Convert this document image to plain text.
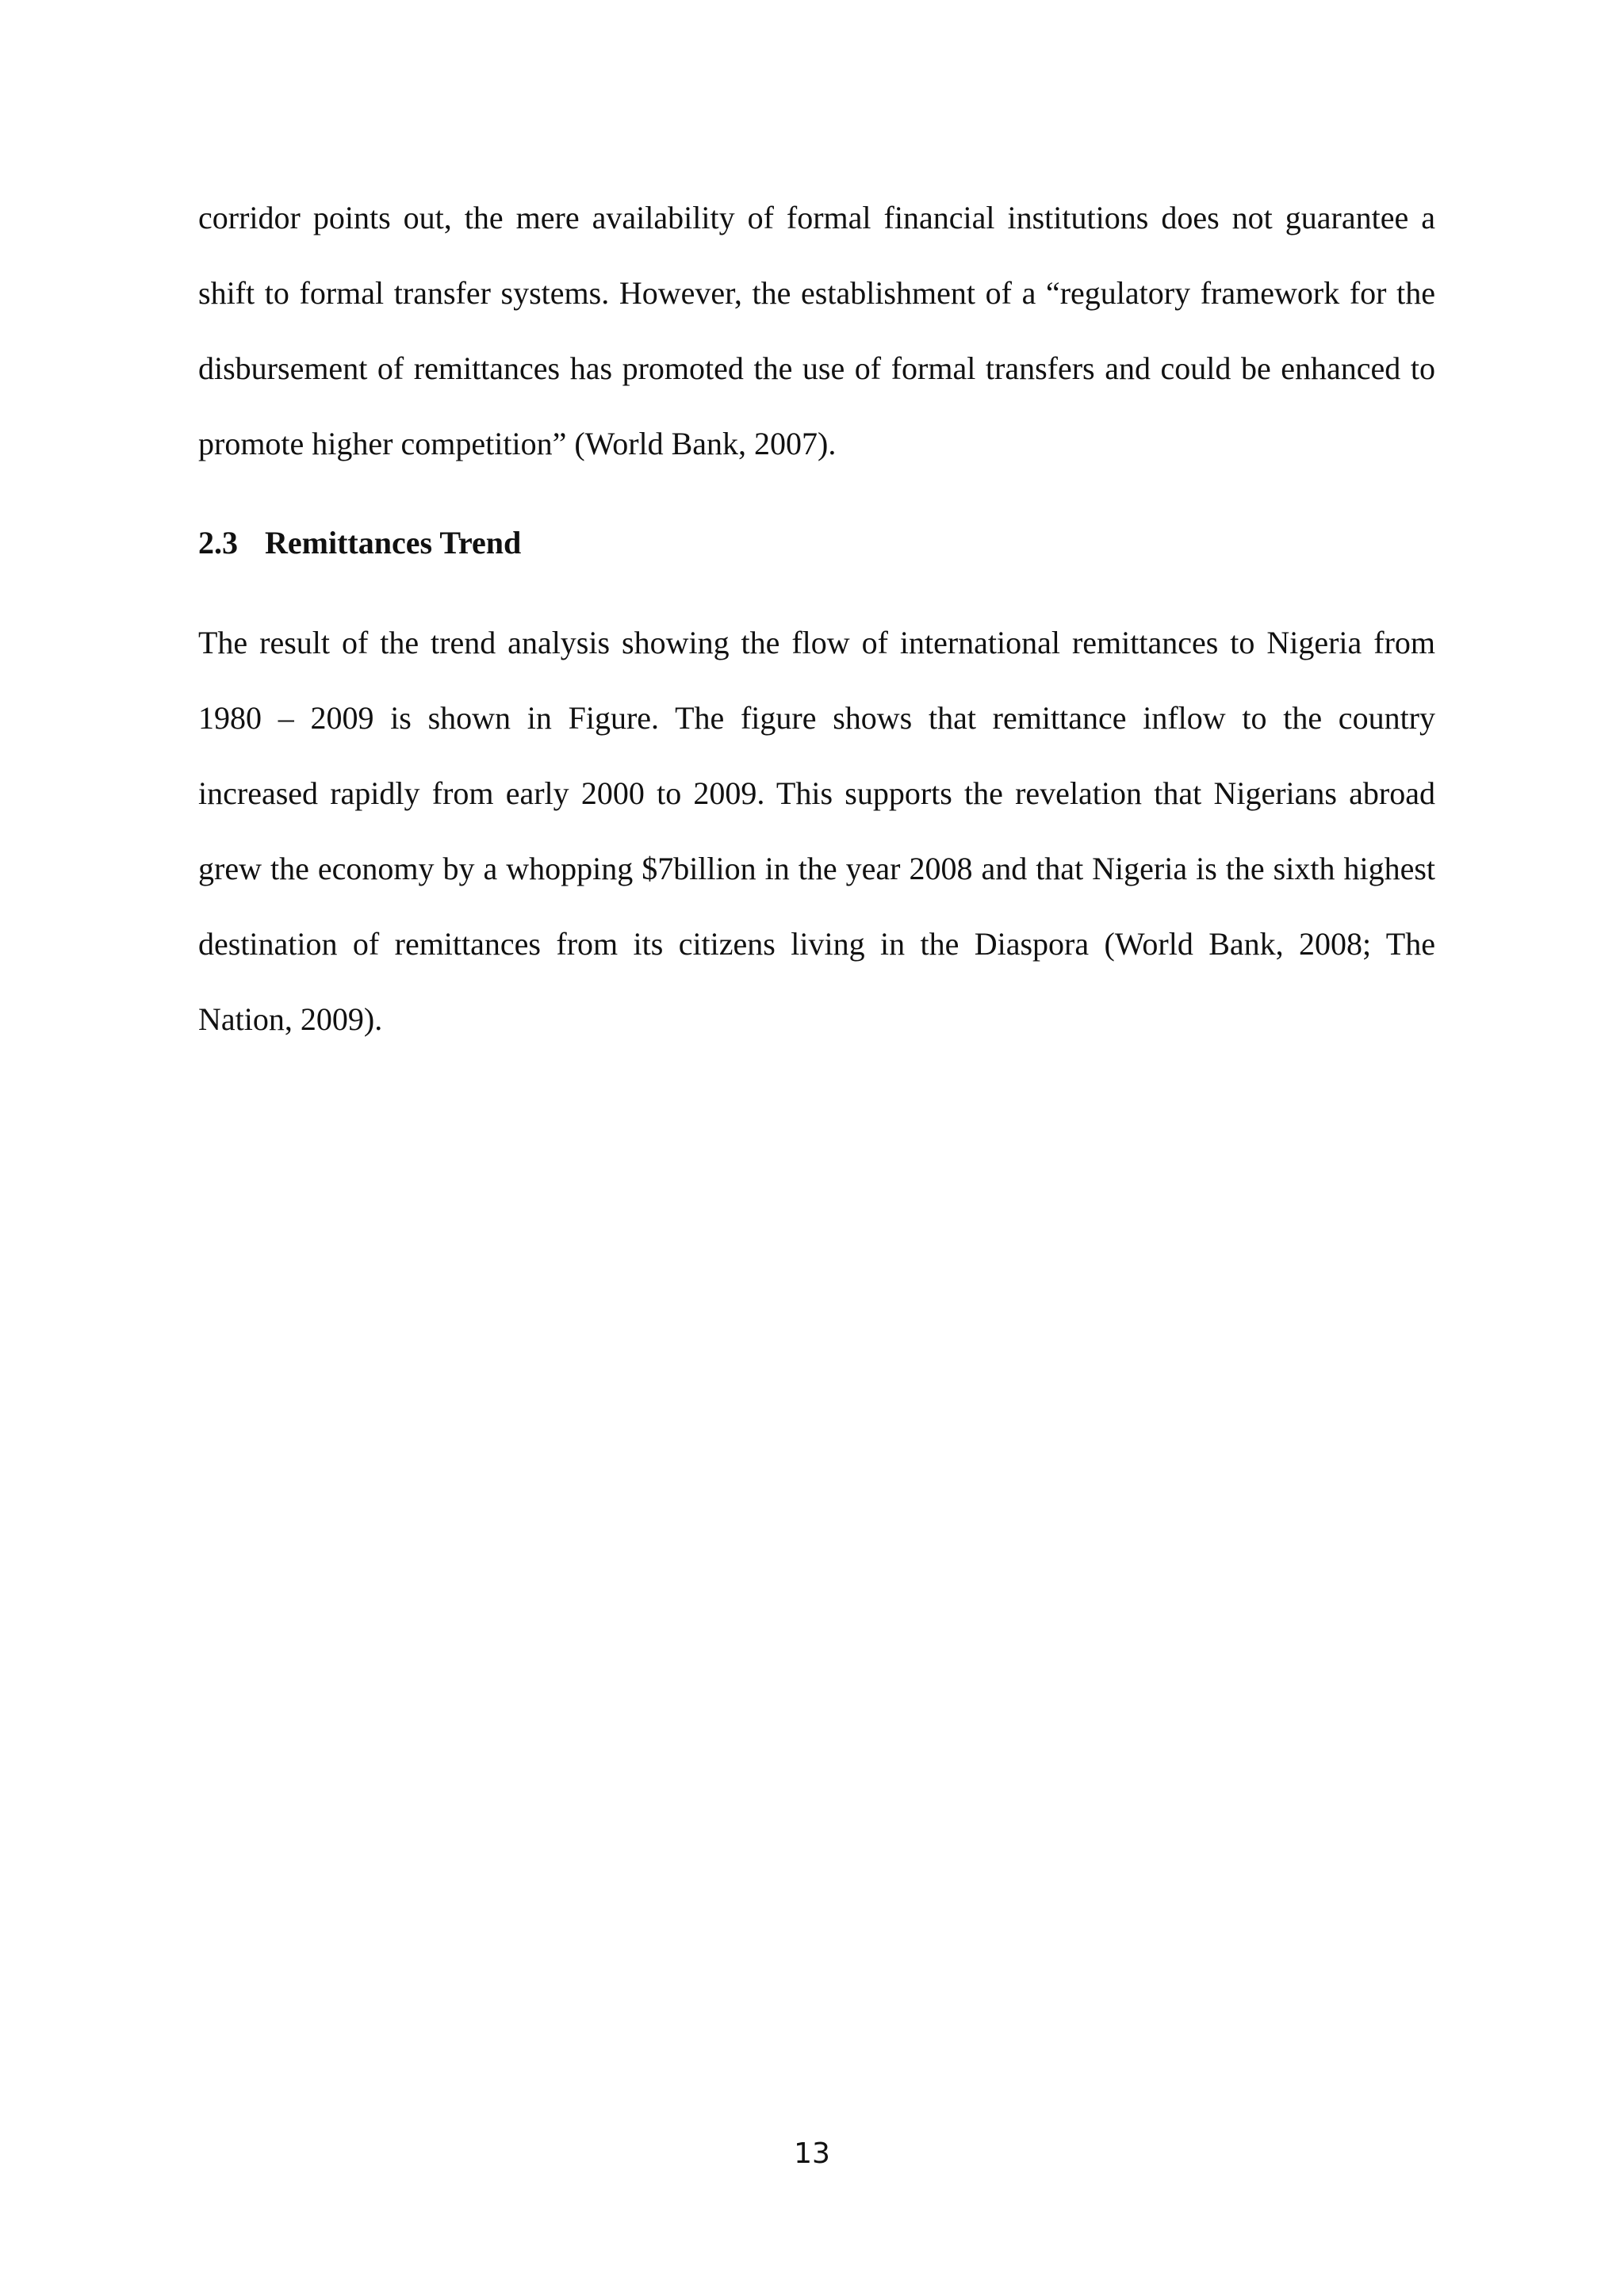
corridor points out, the mere availability of formal financial institutions does not guarantee a shift to formal transfer systems. However, the establishment of a “regulatory framework for the disbursement of remittances has promoted the use of formal transfers and could be enhanced to promote higher competition” (World Bank, 2007).

2.3 Remittances Trend

The result of the trend analysis showing the flow of international remittances to Nigeria from 1980 – 2009 is shown in Figure. The figure shows that remittance inflow to the country increased rapidly from early 2000 to 2009. This supports the revelation that Nigerians abroad grew the economy by a whopping $7billion in the year 2008 and that Nigeria is the sixth highest destination of remittances from its citizens living in the Diaspora (World Bank, 2008; The Nation, 2009).

13
